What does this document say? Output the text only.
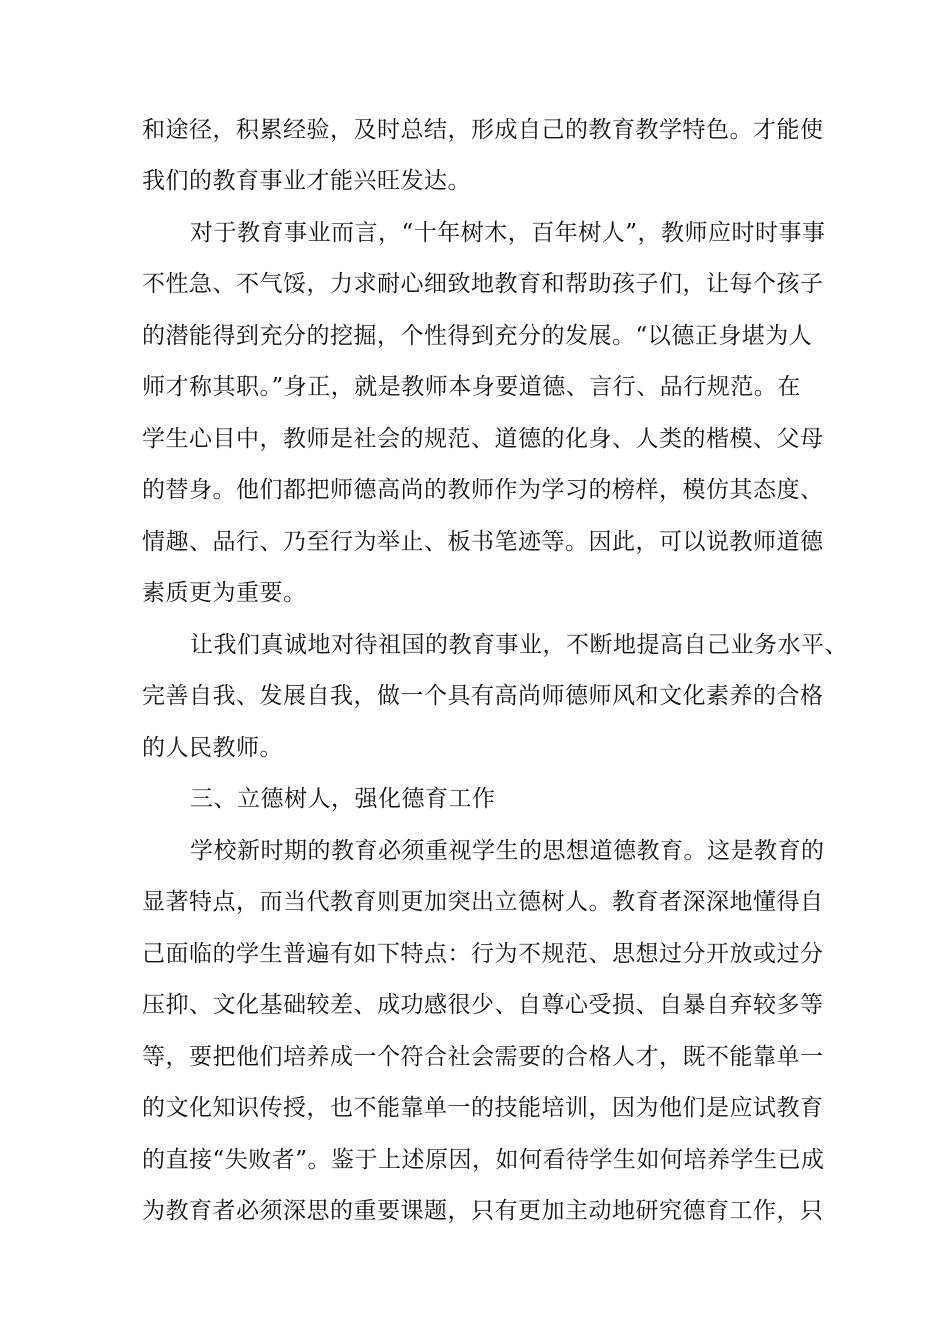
和途径，积累经验，及时总结，形成自己的教育教学特色。才能使
我们的教育事业才能兴旺发达。
对于教育事业而言，“十年树木，百年树人”，教师应时时事事
不性急、不气馁，力求耐心细致地教育和帮助孩子们，让每个孩子
的潜能得到充分的挖掘，个性得到充分的发展。“以德正身堪为人
师才称其职。”身正，就是教师本身要道德、言行、品行规范。在
学生心目中，教师是社会的规范、道德的化身、人类的楷模、父母
的替身。他们都把师德高尚的教师作为学习的榜样，模仿其态度、
情趣、品行、乃至行为举止、板书笔迹等。因此，可以说教师道德
素质更为重要。
让我们真诚地对待祖国的教育事业，不断地提高自己业务水平、
完善自我、发展自我，做一个具有高尚师德师风和文化素养的合格
的人民教师。
三、立德树人，强化德育工作
学校新时期的教育必须重视学生的思想道德教育。这是教育的
显著特点，而当代教育则更加突出立德树人。教育者深深地懂得自
己面临的学生普遍有如下特点：行为不规范、思想过分开放或过分
压抑、文化基础较差、成功感很少、自尊心受损、自暴自弃较多等
等，要把他们培养成一个符合社会需要的合格人才，既不能靠单一
的文化知识传授，也不能靠单一的技能培训，因为他们是应试教育
的直接“失败者”。鉴于上述原因，如何看待学生如何培养学生已成
为教育者必须深思的重要课题，只有更加主动地研究德育工作，只
